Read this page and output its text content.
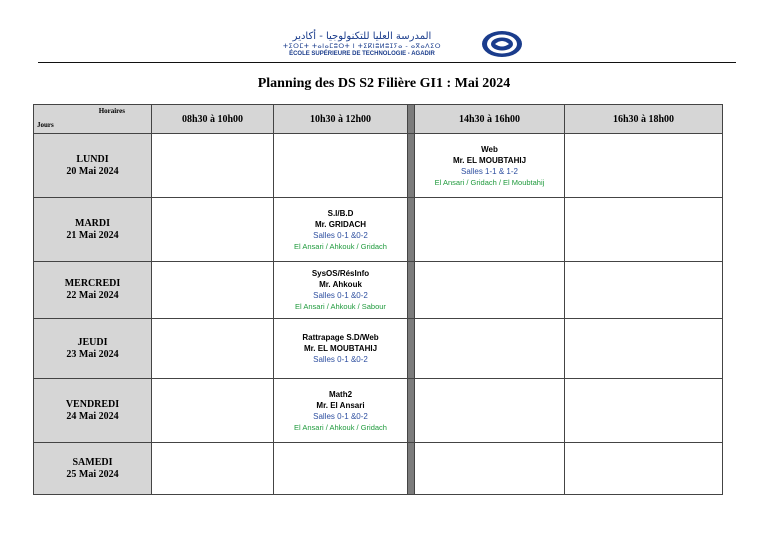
المدرسة العليا للتكنولوجيا - أكادير
ⵜⵉⵔⵎⵜ ⵜⴰⵏⴰⵎⵓⵔⵜ ⵏ ⵜⵉⴽⵏⵓⵍⵓⵊⵢⴰ - ⴰⴳⴰⴷⵉⵔ
ÉCOLE SUPÉRIEURE DE TECHNOLOGIE - AGADIR
Planning des DS S2 Filière GI1 : Mai 2024
Horaires
Jours	08h30 à 10h00	10h30 à 12h00		14h30 à 16h00	16h30 à 18h00

LUNDI
20 Mai 2024				Web
Mr. EL MOUBTAHIJ
Salles 1-1 & 1-2
El Ansari / Gridach / El Moubtahij	

MARDI
21 Mai 2024		S.I/B.D
Mr. GRIDACH
Salles 0-1 &0-2
El Ansari / Ahkouk / Gridach			

MERCREDI
22 Mai 2024		SysOS/RésInfo
Mr. Ahkouk
Salles 0-1 &0-2
El Ansari / Ahkouk / Sabour			

JEUDI
23 Mai 2024		Rattrapage S.D/Web
Mr. EL MOUBTAHIJ
Salles 0-1 &0-2			

VENDREDI
24 Mai 2024		Math2
Mr. El Ansari
Salles 0-1 &0-2
El Ansari / Ahkouk / Gridach			

SAMEDI
25 Mai 2024					
